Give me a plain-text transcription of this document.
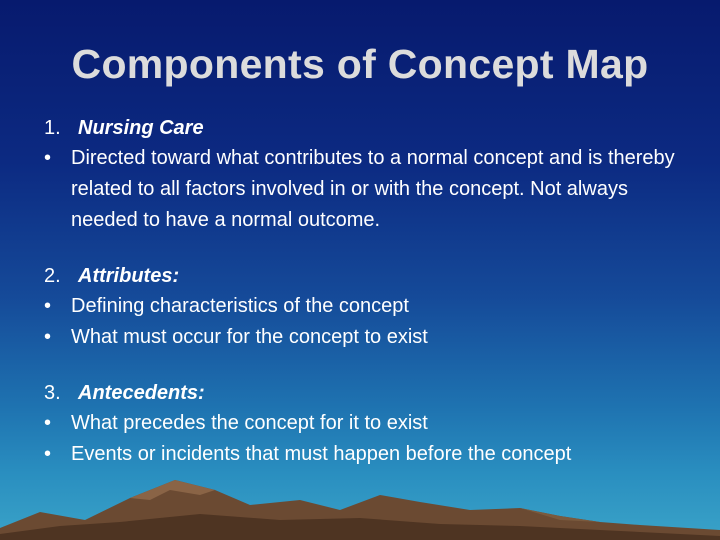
Components of Concept Map
1. Nursing Care
• Directed toward what contributes to a normal concept and is thereby related to all factors involved in or with the concept. Not always needed to have a normal outcome.
2. Attributes:
• Defining characteristics of the concept
• What must occur for the concept to exist
3. Antecedents:
• What precedes the concept for it to exist
• Events or incidents that must happen before the concept
